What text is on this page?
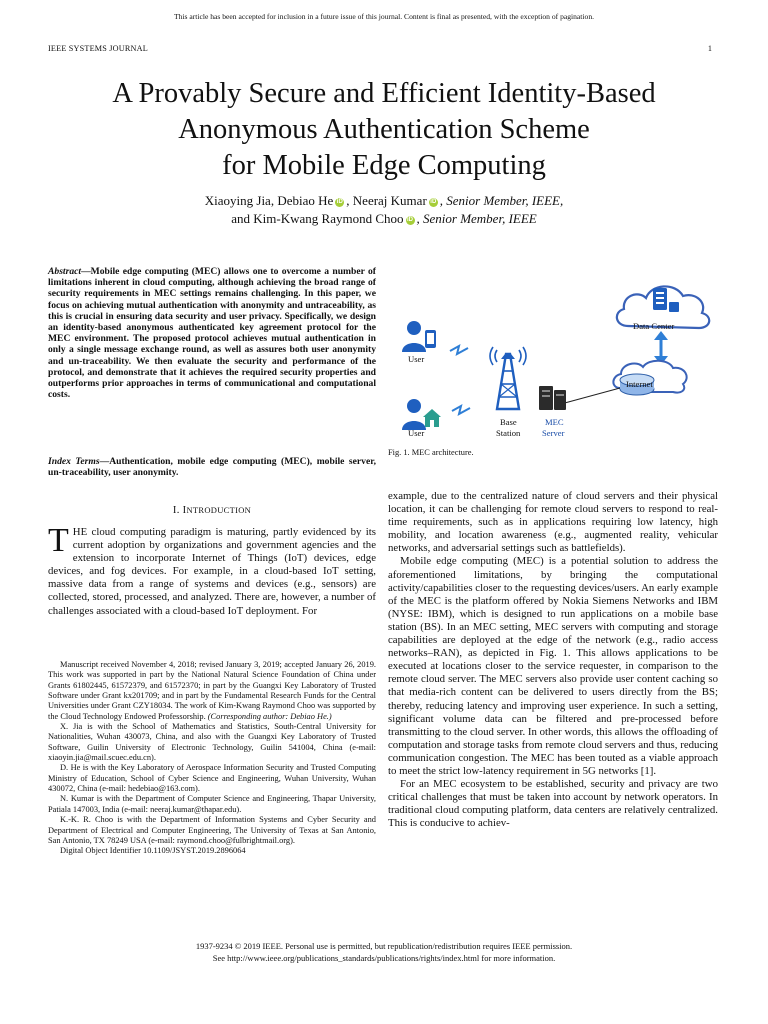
This article has been accepted for inclusion in a future issue of this journal. Content is final as presented, with the exception of pagination.
IEEE SYSTEMS JOURNAL	1
A Provably Secure and Efficient Identity-Based
Anonymous Authentication Scheme
for Mobile Edge Computing
Xiaoying Jia, Debiao He iD , Neeraj Kumar iD , Senior Member, IEEE,
and Kim-Kwang Raymond Choo iD , Senior Member, IEEE
Abstract—Mobile edge computing (MEC) allows one to overcome a number of limitations inherent in cloud computing, although achieving the broad range of security requirements in MEC settings remains challenging. In this paper, we focus on achieving mutual authentication with anonymity and untraceability, as this is crucial in ensuring data security and user privacy. Specifically, we design an identity-based anonymous authenticated key agreement protocol for the MEC environment. The proposed protocol achieves mutual authentication in only a single message exchange round, as well as assures both user anonymity and un-traceability. We then evaluate the security and performance of the protocol, and demonstrate that it achieves the required security properties and outperforms prior approaches in terms of communicational and computational costs.
Index Terms—Authentication, mobile edge computing (MEC), mobile server, un-traceability, user anonymity.
I. INTRODUCTION
THE cloud computing paradigm is maturing, partly evidenced by its current adoption by organizations and government agencies and the extension to incorporate Internet of Things (IoT) devices, edge devices, and fog devices. For example, in a cloud-based IoT setting, massive data from a range of systems and devices (e.g., sensors) are collected, stored, processed, and analyzed. There are, however, a number of challenges associated with a cloud-based IoT deployment. For

Manuscript received November 4, 2018; revised January 3, 2019; accepted January 26, 2019. This work was supported in part by the National Natural Science Foundation of China under Grants 61802445, 61572379, and 61572370; in part by the Guangxi Key Laboratory of Trusted Software under Grant kx201709; and in part by the Fundamental Research Funds for the Central Universities under Grant CZY18034. The work of Kim-Kwang Raymond Choo was supported by the Cloud Technology Endowed Professorship. (Corresponding author: Debiao He.)

X. Jia is with the School of Mathematics and Statistics, South-Central University for Nationalities, Wuhan 430073, China, and also with the Guangxi Key Laboratory of Trusted Software, Guilin University of Electronic Technology, Guilin 541004, China (e-mail: xiaoyin.jia@mail.scuec.edu.cn).

D. He is with the Key Laboratory of Aerospace Information Security and Trusted Computing Ministry of Education, School of Cyber Science and Engineering, Wuhan University, Wuhan 430072, China (e-mail: hedebiao@163.com).

N. Kumar is with the Department of Computer Science and Engineering, Thapar University, Patiala 147003, India (e-mail: neeraj.kumar@thapar.edu).

K.-K. R. Choo is with the Department of Information Systems and Cyber Security and Department of Electrical and Computer Engineering, The University of Texas at San Antonio, San Antonio, TX 78249 USA (e-mail: raymond.choo@fulbrightmail.org).

Digital Object Identifier 10.1109/JSYST.2019.2896064

Data Center
Internet
User
User
Base
Station
MEC
Server
Fig. 1. MEC architecture.

example, due to the centralized nature of cloud servers and their physical location, it can be challenging for remote cloud servers to respond to real-time requirements, such as in applications requiring low latency, high mobility, and location awareness (e.g., augmented reality, vehicular networks, and adversarial settings such as battlefields).

Mobile edge computing (MEC) is a potential solution to address the aforementioned limitations, by bringing the computational activity/capabilities closer to the requesting devices/users. An early example of the MEC is the platform offered by Nokia Siemens Networks and IBM (NYSE: IBM), which is designed to run applications on a mobile base station (BS). In an MEC setting, MEC servers with computing and storage capabilities are deployed at the edge of the network (e.g., radio access networks–RAN), as depicted in Fig. 1. This allows applications to be executed at locations closer to the service requester, in comparison to the remote cloud server. The MEC servers also provide user content caching so that media-rich content can be delivered to users directly from the BS; thereby, reducing latency and improving user experience. In such a setting, significant volume data can be filtered and pre-processed before transmitting to the cloud server. In other words, this allows the offloading of computation and storage tasks from remote cloud servers and thus, reducing communication congestion. The MEC has been touted as a viable approach to meet the strict low-latency requirement in 5G networks [1].

For an MEC ecosystem to be established, security and privacy are two critical challenges that must be taken into account by network operators. In traditional cloud computing platform, data centers are relatively centralized. This is conducive to achiev-

1937-9234 © 2019 IEEE. Personal use is permitted, but republication/redistribution requires IEEE permission.
See http://www.ieee.org/publications_standards/publications/rights/index.html for more information.
